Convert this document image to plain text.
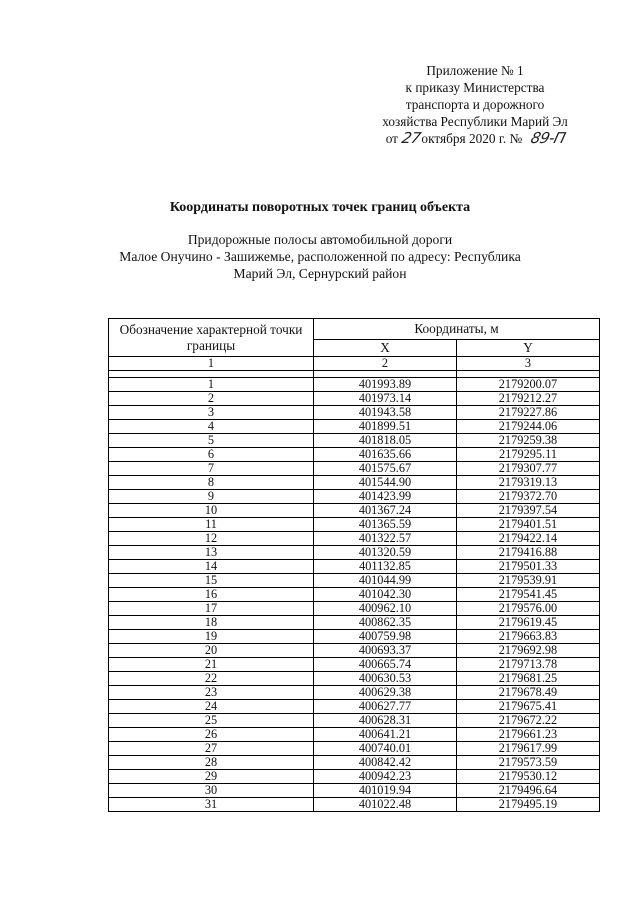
Приложение № 1
к приказу Министерства
транспорта и дорожного
хозяйства Республики Марий Эл
от 27октября 2020 г. № 89-П
Координаты поворотных точек границ объекта
Придорожные полосы автомобильной дороги
Малое Онучино - Зашижемье, расположенной по адресу: Республика
Марий Эл, Сернурский район
Обозначение характерной точки границы	Координаты, м	
	X	Y
1	2	3

1	401993.89	2179200.07
2	401973.14	2179212.27
3	401943.58	2179227.86
4	401899.51	2179244.06
5	401818.05	2179259.38
6	401635.66	2179295.11
7	401575.67	2179307.77
8	401544.90	2179319.13
9	401423.99	2179372.70
10	401367.24	2179397.54
11	401365.59	2179401.51
12	401322.57	2179422.14
13	401320.59	2179416.88
14	401132.85	2179501.33
15	401044.99	2179539.91
16	401042.30	2179541.45
17	400962.10	2179576.00
18	400862.35	2179619.45
19	400759.98	2179663.83
20	400693.37	2179692.98
21	400665.74	2179713.78
22	400630.53	2179681.25
23	400629.38	2179678.49
24	400627.77	2179675.41
25	400628.31	2179672.22
26	400641.21	2179661.23
27	400740.01	2179617.99
28	400842.42	2179573.59
29	400942.23	2179530.12
30	401019.94	2179496.64
31	401022.48	2179495.19
